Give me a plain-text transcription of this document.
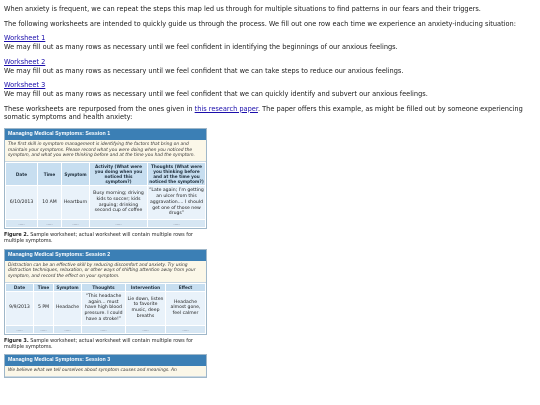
When anxiety is frequent, we can repeat the steps this map led us through for multiple situations to find patterns in our fears and their triggers.

The following worksheets are intended to quickly guide us through the process. We fill out one row each time we experience an anxiety-inducing situation:

Worksheet 1
We may fill out as many rows as necessary until we feel confident in identifying the beginnings of our anxious feelings.
Worksheet 2
We may fill out as many rows as necessary until we feel confident that we can take steps to reduce our anxious feelings.
Worksheet 3
We may fill out as many rows as necessary until we feel confident that we can quickly identify and subvert our anxious feelings.

These worksheets are repurposed from the ones given in this research paper. The paper offers this example, as might be filled out by someone experiencing somatic symptoms and health anxiety:

Managing Medical Symptoms: Session 1
The first skill in symptom management is identifying the factors that bring on and maintain your symptoms. Please record what you were doing when you noticed the symptom, and what you were thinking before and at the time you had the symptom.
Date	Time	Symptom	Activity (What were you doing when you noticed this symptom?)	Thoughts (What were you thinking before and at the time you noticed the symptom?)
6/10/2013	10 AM	Heartburn	Busy morning; driving kids to soccer; kids arguing; drinking second cup of coffee	“Late again; I’m getting an ulcer from this aggravation.... I should get one of those new drugs”
.....	.....	.....	.....	.....
Figure 2. Sample worksheet; actual worksheet will contain multiple rows for multiple symptoms.
Managing Medical Symptoms: Session 2
Distraction can be an effective skill by reducing discomfort and anxiety. Try using distraction techniques, relaxation, or other ways of shifting attention away from your symptom, and record the effect on your symptom.
Date	Time	Symptom	Thoughts	Intervention	Effect
9/9/2013	5 PM	Headache	“This headache again... must have high blood pressure. I could have a stroke!”	Lie down, listen to favorite music, deep breaths	Headache almost gone, feel calmer
.....	.....	.....	.....	.....	.....
Figure 3. Sample worksheet; actual worksheet will contain multiple rows for multiple symptoms.
Managing Medical Symptoms: Session 3
We believe what we tell ourselves about symptom causes and meanings. An
